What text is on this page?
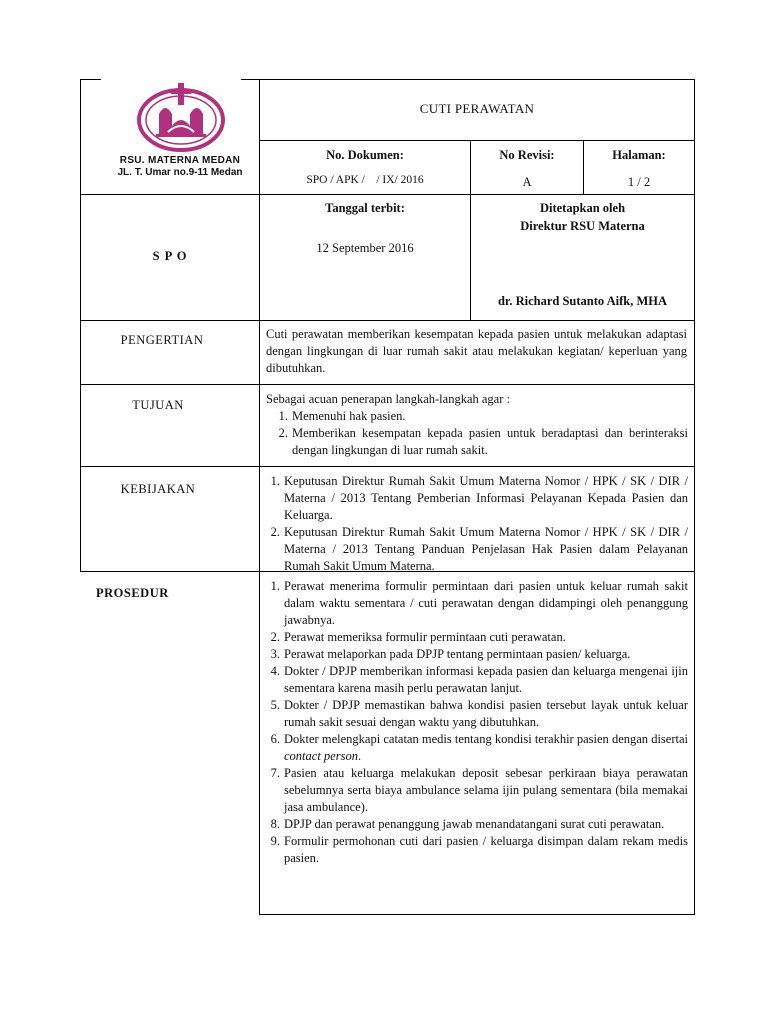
RSU. MATERNA MEDAN
JL. T. Umar no.9-11 Medan
CUTI PERAWATAN
No. Dokumen:
SPO / APK /    / IX/ 2016
No Revisi:
A
Halaman:
1 / 2
S P O
Tanggal terbit:
12 September 2016
Ditetapkan oleh
Direktur RSU Materna
dr. Richard Sutanto Aifk, MHA
PENGERTIAN	Cuti perawatan memberikan kesempatan kepada pasien untuk melakukan adaptasi dengan lingkungan di luar rumah sakit atau melakukan kegiatan/ keperluan yang dibutuhkan.
TUJUAN	Sebagai acuan penerapan langkah-langkah agar :
1. Memenuhi hak pasien.
2. Memberikan kesempatan kepada pasien untuk beradaptasi dan berinteraksi dengan lingkungan di luar rumah sakit.
KEBIJAKAN
1. Keputusan Direktur Rumah Sakit Umum Materna Nomor / HPK / SK / DIR / Materna / 2013 Tentang Pemberian Informasi Pelayanan Kepada Pasien dan Keluarga.
2. Keputusan Direktur Rumah Sakit Umum Materna Nomor / HPK / SK / DIR / Materna / 2013 Tentang Panduan Penjelasan Hak Pasien dalam Pelayanan Rumah Sakit Umum Materna.
PROSEDUR	1. Perawat menerima formulir permintaan dari pasien untuk keluar rumah sakit dalam waktu sementara / cuti perawatan dengan didampingi oleh penanggung jawabnya.
2. Perawat memeriksa formulir permintaan cuti perawatan.
3. Perawat melaporkan pada DPJP tentang permintaan pasien/ keluarga.
4. Dokter / DPJP memberikan informasi kepada pasien dan keluarga mengenai ijin sementara karena masih perlu perawatan lanjut.
5. Dokter / DPJP memastikan bahwa kondisi pasien tersebut layak untuk keluar rumah sakit sesuai dengan waktu yang dibutuhkan.
6. Dokter melengkapi catatan medis tentang kondisi terakhir pasien dengan disertai contact person.
7. Pasien atau keluarga melakukan deposit sebesar perkiraan biaya perawatan sebelumnya serta biaya ambulance selama ijin pulang sementara (bila memakai jasa ambulance).
8. DPJP dan perawat penanggung jawab menandatangani surat cuti perawatan.
9. Formulir permohonan cuti dari pasien / keluarga disimpan dalam rekam medis pasien.
